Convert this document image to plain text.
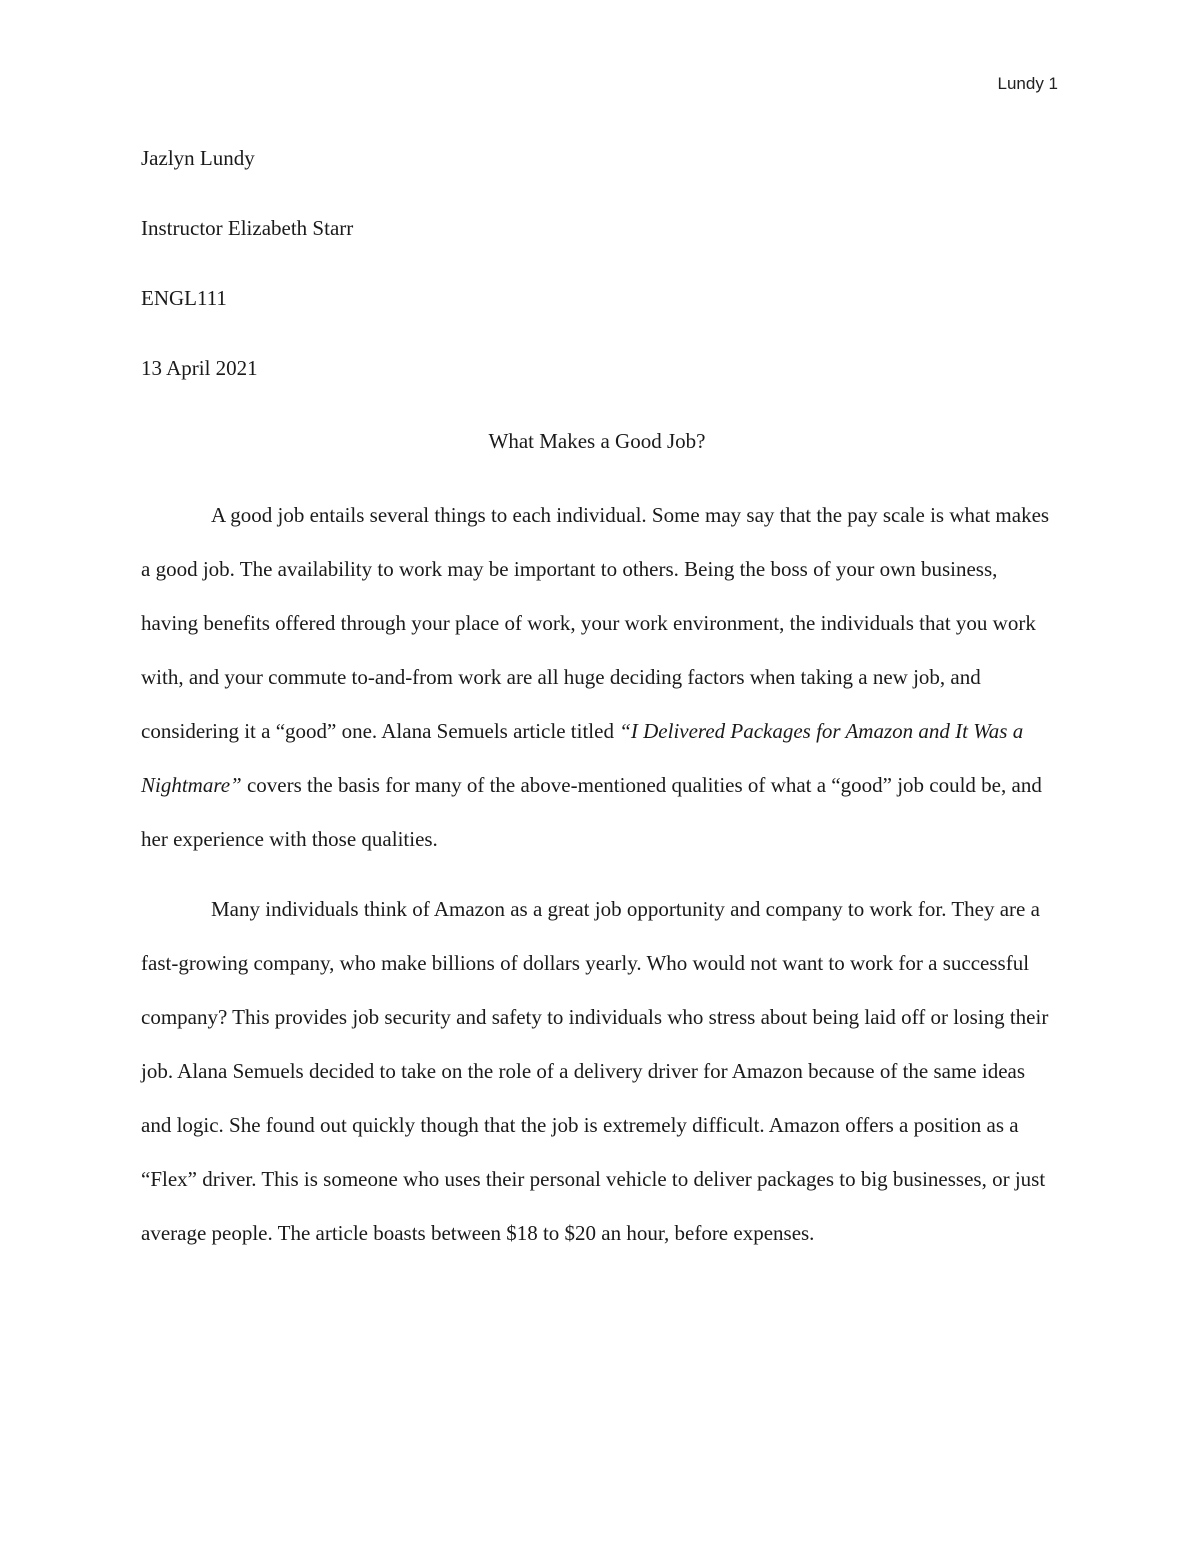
Lundy 1

Jazlyn Lundy

Instructor Elizabeth Starr

ENGL111

13 April 2021

What Makes a Good Job?

A good job entails several things to each individual. Some may say that the pay scale is what makes a good job. The availability to work may be important to others. Being the boss of your own business, having benefits offered through your place of work, your work environment, the individuals that you work with, and your commute to-and-from work are all huge deciding factors when taking a new job, and considering it a “good” one. Alana Semuels article titled “I Delivered Packages for Amazon and It Was a Nightmare” covers the basis for many of the above-mentioned qualities of what a “good” job could be, and her experience with those qualities.

Many individuals think of Amazon as a great job opportunity and company to work for. They are a fast-growing company, who make billions of dollars yearly. Who would not want to work for a successful company? This provides job security and safety to individuals who stress about being laid off or losing their job. Alana Semuels decided to take on the role of a delivery driver for Amazon because of the same ideas and logic. She found out quickly though that the job is extremely difficult. Amazon offers a position as a “Flex” driver. This is someone who uses their personal vehicle to deliver packages to big businesses, or just average people. The article boasts between $18 to $20 an hour, before expenses.
